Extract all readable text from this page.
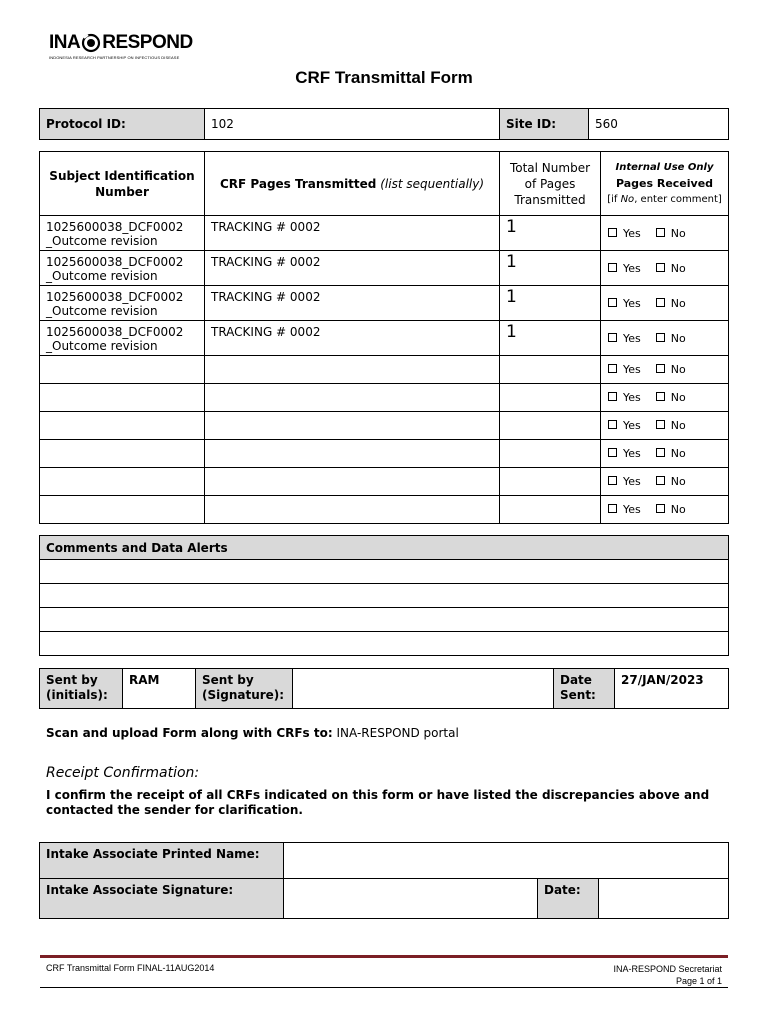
INA RESPOND
INDONESIA RESEARCH PARTNERSHIP ON INFECTIOUS DISEASE
CRF Transmittal Form
Protocol ID:	102	Site ID:	560
Subject Identification Number	CRF Pages Transmitted (list sequentially)	Total Number of Pages Transmitted	Internal Use Only
Pages Received
[if No, enter comment]

1025600038_DCF0002
_Outcome revision	TRACKING # 0002	1	Yes No

1025600038_DCF0002
_Outcome revision	TRACKING # 0002	1	Yes No

1025600038_DCF0002
_Outcome revision	TRACKING # 0002	1	Yes No

1025600038_DCF0002
_Outcome revision	TRACKING # 0002	1	Yes No
			Yes No
			Yes No
			Yes No
			Yes No
			Yes No
			Yes No
Comments and Data Alerts

Sent by (initials):	RAM	Sent by (Signature):		Date Sent:	27/JAN/2023
Scan and upload Form along with CRFs to: INA-RESPOND portal
Receipt Confirmation:
I confirm the receipt of all CRFs indicated on this form or have listed the discrepancies above and contacted the sender for clarification.
Intake Associate Printed Name:			
Intake Associate Signature:		Date:	
CRF Transmittal Form FINAL-11AUG2014	INA-RESPOND Secretariat
Page 1 of 1
